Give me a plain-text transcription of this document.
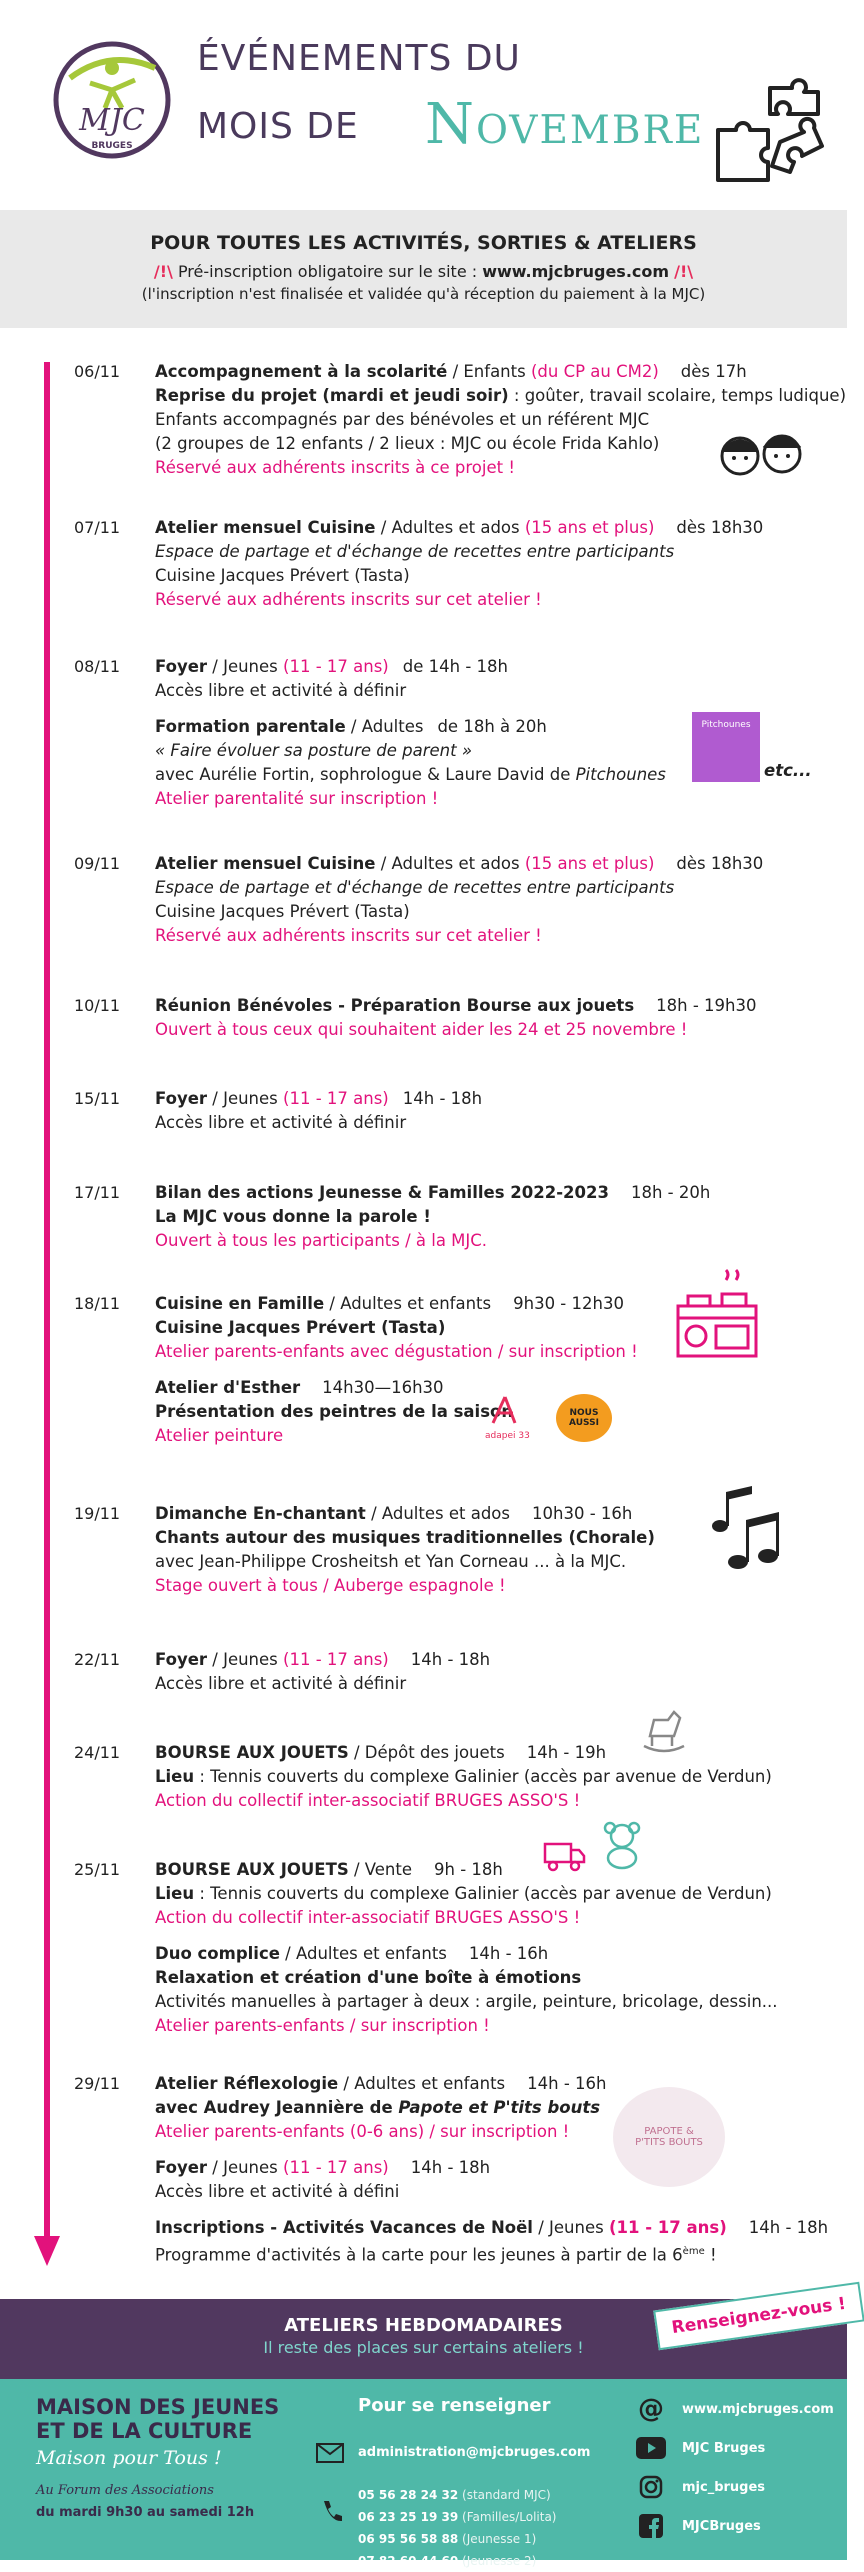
MJC
BRUGES
ÉVÉNEMENTS DU
MOIS DE Novembre
POUR TOUTES LES ACTIVITÉS, SORTIES & ATELIERS
/!\ Pré-inscription obligatoire sur le site : www.mjcbruges.com /!\
(l'inscription n'est finalisée et validée qu'à réception du paiement à la MJC)
06/11 Accompagnement à la scolarité / Enfants (du CP au CM2) dès 17h
Reprise du projet (mardi et jeudi soir) : goûter, travail scolaire, temps ludique)
Enfants accompagnés par des bénévoles et un référent MJC
(2 groupes de 12 enfants / 2 lieux : MJC ou école Frida Kahlo)
Réservé aux adhérents inscrits à ce projet !
07/11 Atelier mensuel Cuisine / Adultes et ados (15 ans et plus) dès 18h30
Espace de partage et d'échange de recettes entre participants
Cuisine Jacques Prévert (Tasta)
Réservé aux adhérents inscrits sur cet atelier !
08/11 Foyer / Jeunes (11 - 17 ans) de 14h - 18h
Accès libre et activité à définir
Formation parentale / Adultes de 18h à 20h
« Faire évoluer sa posture de parent »
avec Aurélie Fortin, sophrologue & Laure David de Pitchounes
Atelier parentalité sur inscription !
Pitchounes
etc...
09/11 Atelier mensuel Cuisine / Adultes et ados (15 ans et plus) dès 18h30
Espace de partage et d'échange de recettes entre participants
Cuisine Jacques Prévert (Tasta)
Réservé aux adhérents inscrits sur cet atelier !
10/11 Réunion Bénévoles - Préparation Bourse aux jouets 18h - 19h30
Ouvert à tous ceux qui souhaitent aider les 24 et 25 novembre !
15/11 Foyer / Jeunes (11 - 17 ans) 14h - 18h
Accès libre et activité à définir
17/11 Bilan des actions Jeunesse & Familles 2022-2023 18h - 20h
La MJC vous donne la parole !
Ouvert à tous les participants / à la MJC.
18/11 Cuisine en Famille / Adultes et enfants 9h30 - 12h30
Cuisine Jacques Prévert (Tasta)
Atelier parents-enfants avec dégustation / sur inscription !
Atelier d'Esther 14h30—16h30
Présentation des peintres de la saison
Atelier peinture	adapei 33
NOUS AUSSI
19/11 Dimanche En-chantant / Adultes et ados 10h30 - 16h
Chants autour des musiques traditionnelles (Chorale)
avec Jean-Philippe Crosheitsh et Yan Corneau ... à la MJC.
Stage ouvert à tous / Auberge espagnole !
22/11 Foyer / Jeunes (11 - 17 ans) 14h - 18h
Accès libre et activité à définir
24/11 BOURSE AUX JOUETS / Dépôt des jouets 14h - 19h
Lieu : Tennis couverts du complexe Galinier (accès par avenue de Verdun)
Action du collectif inter-associatif BRUGES ASSO'S !
25/11 BOURSE AUX JOUETS / Vente 9h - 18h
Lieu : Tennis couverts du complexe Galinier (accès par avenue de Verdun)
Action du collectif inter-associatif BRUGES ASSO'S !
Duo complice / Adultes et enfants 14h - 16h
Relaxation et création d'une boîte à émotions
Activités manuelles à partager à deux : argile, peinture, bricolage, dessin...
Atelier parents-enfants / sur inscription !
29/11 Atelier Réflexologie / Adultes et enfants 14h - 16h
avec Audrey Jeannière de Papote et P'tits bouts
Atelier parents-enfants (0-6 ans) / sur inscription !
Foyer / Jeunes (11 - 17 ans) 14h - 18h
Accès libre et activité à défini
Inscriptions - Activités Vacances de Noël / Jeunes (11 - 17 ans) 14h - 18h
Programme d'activités à la carte pour les jeunes à partir de la 6ème !
PAPOTE & P'TITS BOUTS
ATELIERS HEBDOMADAIRES
Il reste des places sur certains ateliers !
Renseignez-vous !
MAISON DES JEUNES
ET DE LA CULTURE
Maison pour Tous !
Au Forum des Associations
du mardi 9h30 au samedi 12h
Pour se renseigner
administration@mjcbruges.com
05 56 28 24 32 (standard MJC)
06 23 25 19 39 (Familles/Lolita)
06 95 56 58 88 (Jeunesse 1)
07 82 60 44 60 (Jeunesse 2)
@ www.mjcbruges.com
MJC Bruges
mjc_bruges
MJCBruges
